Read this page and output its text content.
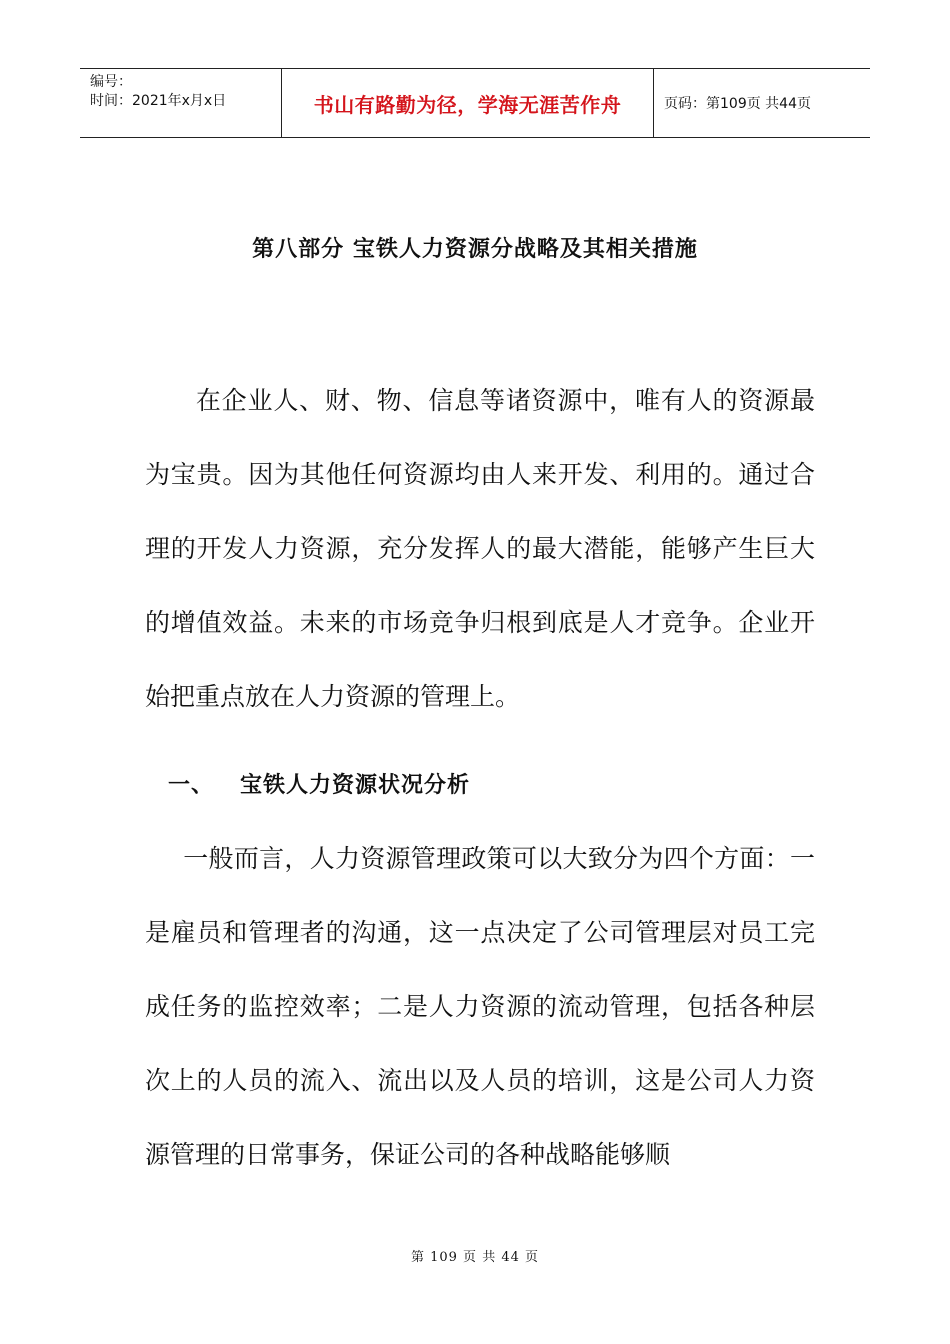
编号：
时间：2021年x月x日	书山有路勤为径，学海无涯苦作舟	页码：第109页 共44页
第八部分 宝铁人力资源分战略及其相关措施

在企业人、财、物、信息等诸资源中，唯有人的资源最为宝贵。因为其他任何资源均由人来开发、利用的。通过合理的开发人力资源，充分发挥人的最大潜能，能够产生巨大的增值效益。未来的市场竞争归根到底是人才竞争。企业开始把重点放在人力资源的管理上。

一、 宝铁人力资源状况分析

一般而言，人力资源管理政策可以大致分为四个方面：一是雇员和管理者的沟通，这一点决定了公司管理层对员工完成任务的监控效率；二是人力资源的流动管理，包括各种层次上的人员的流入、流出以及人员的培训，这是公司人力资源管理的日常事务，保证公司的各种战略能够顺

第 109 页 共 44 页
